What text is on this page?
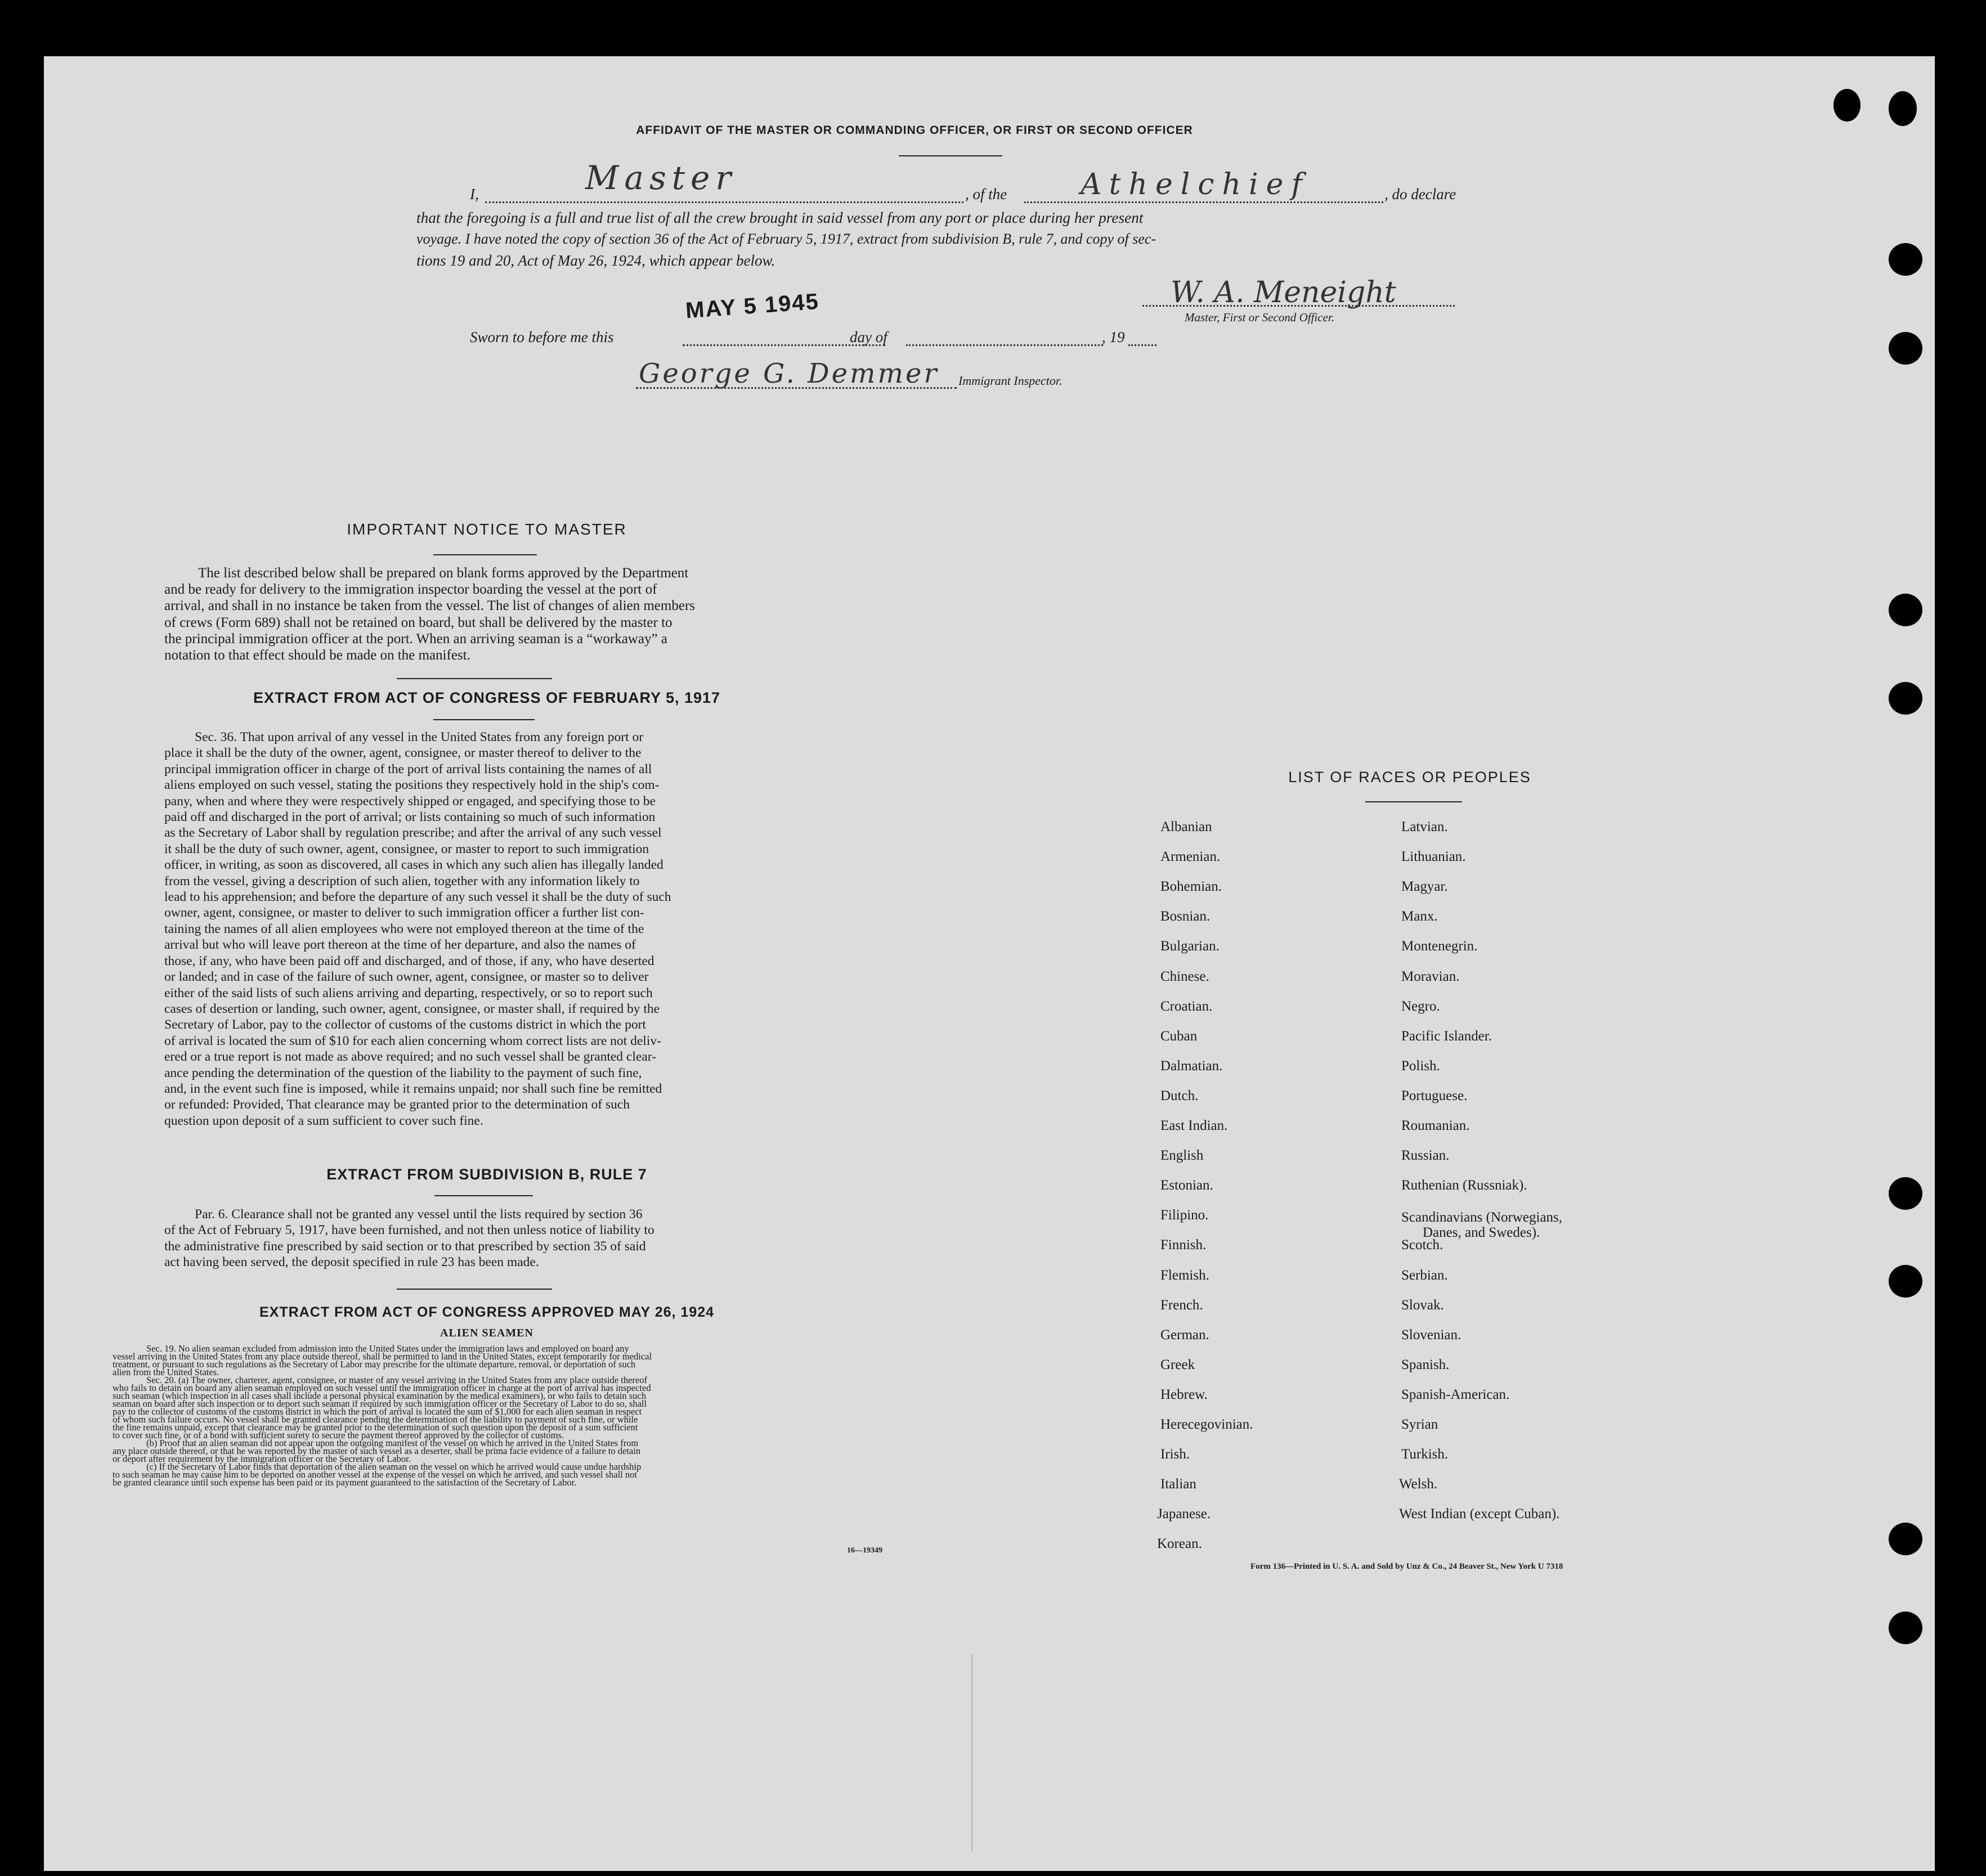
AFFIDAVIT OF THE MASTER OR COMMANDING OFFICER, OR FIRST OR SECOND OFFICER
I,	Master	, of the	Athelchief	, do declare
that the foregoing is a full and true list of all the crew brought in said vessel from any port or place during her present
voyage. I have noted the copy of section 36 of the Act of February 5, 1917, extract from subdivision B, rule 7, and copy of sec-
tions 19 and 20, Act of May 26, 1924, which appear below.
W. A. Meneight
Master, First or Second Officer.
Sworn to before me this
MAY 5 1945
day of	, 19
George G. Demmer Immigrant Inspector.
IMPORTANT NOTICE TO MASTER
The list described below shall be prepared on blank forms approved by the Department
and be ready for delivery to the immigration inspector boarding the vessel at the port of
arrival, and shall in no instance be taken from the vessel. The list of changes of alien members
of crews (Form 689) shall not be retained on board, but shall be delivered by the master to
the principal immigration officer at the port. When an arriving seaman is a “workaway” a
notation to that effect should be made on the manifest.
EXTRACT FROM ACT OF CONGRESS OF FEBRUARY 5, 1917
Sec. 36. That upon arrival of any vessel in the United States from any foreign port or
place it shall be the duty of the owner, agent, consignee, or master thereof to deliver to the
principal immigration officer in charge of the port of arrival lists containing the names of all
aliens employed on such vessel, stating the positions they respectively hold in the ship's com-
pany, when and where they were respectively shipped or engaged, and specifying those to be
paid off and discharged in the port of arrival; or lists containing so much of such information
as the Secretary of Labor shall by regulation prescribe; and after the arrival of any such vessel
it shall be the duty of such owner, agent, consignee, or master to report to such immigration
officer, in writing, as soon as discovered, all cases in which any such alien has illegally landed
from the vessel, giving a description of such alien, together with any information likely to
lead to his apprehension; and before the departure of any such vessel it shall be the duty of such
owner, agent, consignee, or master to deliver to such immigration officer a further list con-
taining the names of all alien employees who were not employed thereon at the time of the
arrival but who will leave port thereon at the time of her departure, and also the names of
those, if any, who have been paid off and discharged, and of those, if any, who have deserted
or landed; and in case of the failure of such owner, agent, consignee, or master so to deliver
either of the said lists of such aliens arriving and departing, respectively, or so to report such
cases of desertion or landing, such owner, agent, consignee, or master shall, if required by the
Secretary of Labor, pay to the collector of customs of the customs district in which the port
of arrival is located the sum of $10 for each alien concerning whom correct lists are not deliv-
ered or a true report is not made as above required; and no such vessel shall be granted clear-
ance pending the determination of the question of the liability to the payment of such fine,
and, in the event such fine is imposed, while it remains unpaid; nor shall such fine be remitted
or refunded: Provided, That clearance may be granted prior to the determination of such
question upon deposit of a sum sufficient to cover such fine.
EXTRACT FROM SUBDIVISION B, RULE 7
Par. 6. Clearance shall not be granted any vessel until the lists required by section 36
of the Act of February 5, 1917, have been furnished, and not then unless notice of liability to
the administrative fine prescribed by said section or to that prescribed by section 35 of said
act having been served, the deposit specified in rule 23 has been made.
EXTRACT FROM ACT OF CONGRESS APPROVED MAY 26, 1924
ALIEN SEAMEN
Sec. 19. No alien seaman excluded from admission into the United States under the immigration laws and employed on board any
vessel arriving in the United States from any place outside thereof, shall be permitted to land in the United States, except temporarily for medical
treatment, or pursuant to such regulations as the Secretary of Labor may prescribe for the ultimate departure, removal, or deportation of such
alien from the United States.
Sec. 20. (a) The owner, charterer, agent, consignee, or master of any vessel arriving in the United States from any place outside thereof
who fails to detain on board any alien seaman employed on such vessel until the immigration officer in charge at the port of arrival has inspected
such seaman (which inspection in all cases shall include a personal physical examination by the medical examiners), or who fails to detain such
seaman on board after such inspection or to deport such seaman if required by such immigration officer or the Secretary of Labor to do so, shall
pay to the collector of customs of the customs district in which the port of arrival is located the sum of $1,000 for each alien seaman in respect
of whom such failure occurs. No vessel shall be granted clearance pending the determination of the liability to payment of such fine, or while
the fine remains unpaid, except that clearance may be granted prior to the determination of such question upon the deposit of a sum sufficient
to cover such fine, or of a bond with sufficient surety to secure the payment thereof approved by the collector of customs.
(b) Proof that an alien seaman did not appear upon the outgoing manifest of the vessel on which he arrived in the United States from
any place outside thereof, or that he was reported by the master of such vessel as a deserter, shall be prima facie evidence of a failure to detain
or deport after requirement by the immigration officer or the Secretary of Labor.
(c) If the Secretary of Labor finds that deportation of the alien seaman on the vessel on which he arrived would cause undue hardship
to such seaman he may cause him to be deported on another vessel at the expense of the vessel on which he arrived, and such vessel shall not
be granted clearance until such expense has been paid or its payment guaranteed to the satisfaction of the Secretary of Labor.
16—19349
LIST OF RACES OR PEOPLES
Albanian
Armenian.
Bohemian.
Bosnian.
Bulgarian.
Chinese.
Croatian.
Cuban
Dalmatian.
Dutch.
East Indian.
English
Estonian.
Filipino.
Finnish.
Flemish.
French.
German.
Greek
Hebrew.
Herecegovinian.
Irish.
Italian
Japanese.
Korean.
Latvian.
Lithuanian.
Magyar.
Manx.
Montenegrin.
Moravian.
Negro.
Pacific Islander.
Polish.
Portuguese.
Roumanian.
Russian.
Ruthenian (Russniak).
Scandinavians (Norwegians,
Danes, and Swedes).
Scotch.
Serbian.
Slovak.
Slovenian.
Spanish.
Spanish-American.
Syrian
Turkish.
Welsh.
West Indian (except Cuban).
Form 136—Printed in U. S. A. and Sold by Unz & Co., 24 Beaver St., New York U 7318
